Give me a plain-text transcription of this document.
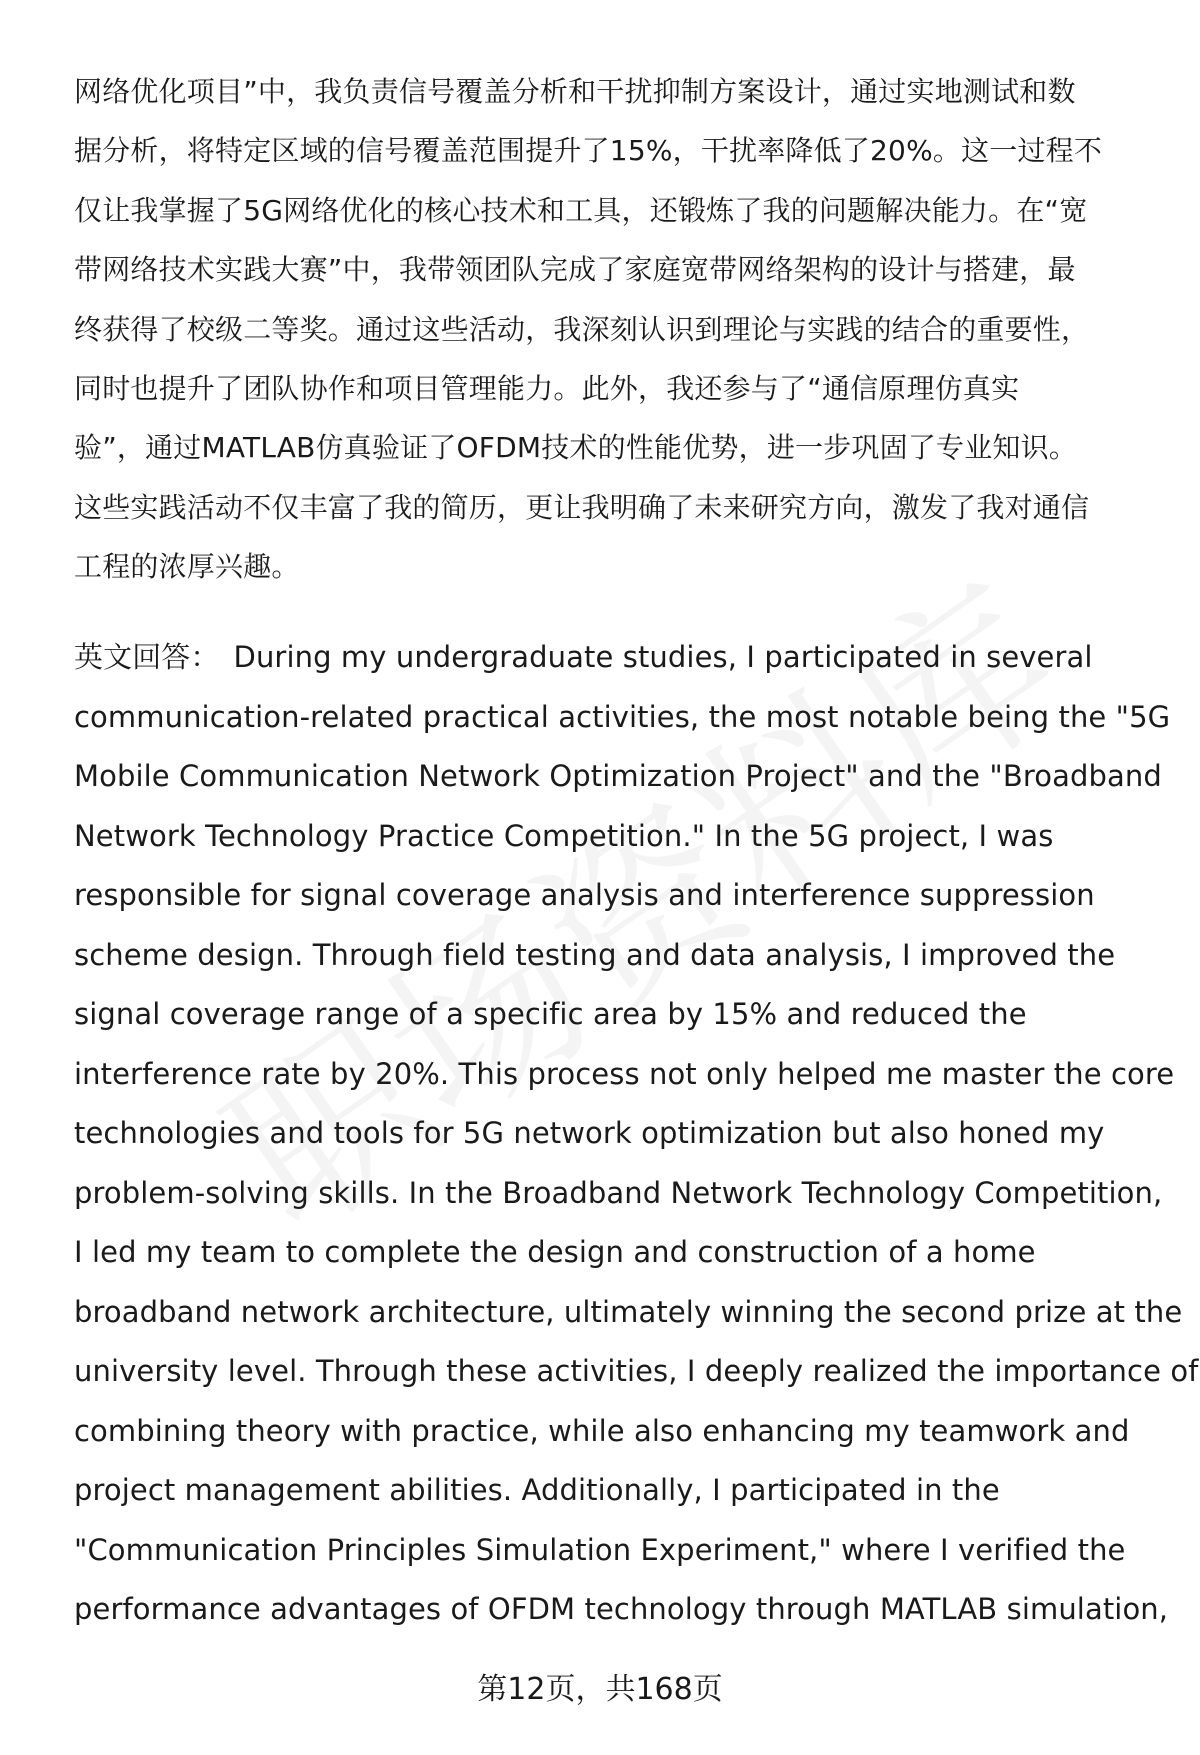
网络优化项目”中，我负责信号覆盖分析和干扰抑制方案设计，通过实地测试和数
据分析，将特定区域的信号覆盖范围提升了15%，干扰率降低了20%。这一过程不
仅让我掌握了5G网络优化的核心技术和工具，还锻炼了我的问题解决能力。在“宽
带网络技术实践大赛”中，我带领团队完成了家庭宽带网络架构的设计与搭建，最
终获得了校级二等奖。通过这些活动，我深刻认识到理论与实践的结合的重要性，
同时也提升了团队协作和项目管理能力。此外，我还参与了“通信原理仿真实
验”，通过MATLAB仿真验证了OFDM技术的性能优势，进一步巩固了专业知识。
这些实践活动不仅丰富了我的简历，更让我明确了未来研究方向，激发了我对通信
工程的浓厚兴趣。
英文回答： During my undergraduate studies, I participated in several
communication-related practical activities, the most notable being the "5G
Mobile Communication Network Optimization Project" and the "Broadband
Network Technology Practice Competition." In the 5G project, I was
responsible for signal coverage analysis and interference suppression
scheme design. Through field testing and data analysis, I improved the
signal coverage range of a specific area by 15% and reduced the
interference rate by 20%. This process not only helped me master the core
technologies and tools for 5G network optimization but also honed my
problem-solving skills. In the Broadband Network Technology Competition,
I led my team to complete the design and construction of a home
broadband network architecture, ultimately winning the second prize at the
university level. Through these activities, I deeply realized the importance of
combining theory with practice, while also enhancing my teamwork and
project management abilities. Additionally, I participated in the
"Communication Principles Simulation Experiment," where I verified the
performance advantages of OFDM technology through MATLAB simulation,
第12页，共168页
